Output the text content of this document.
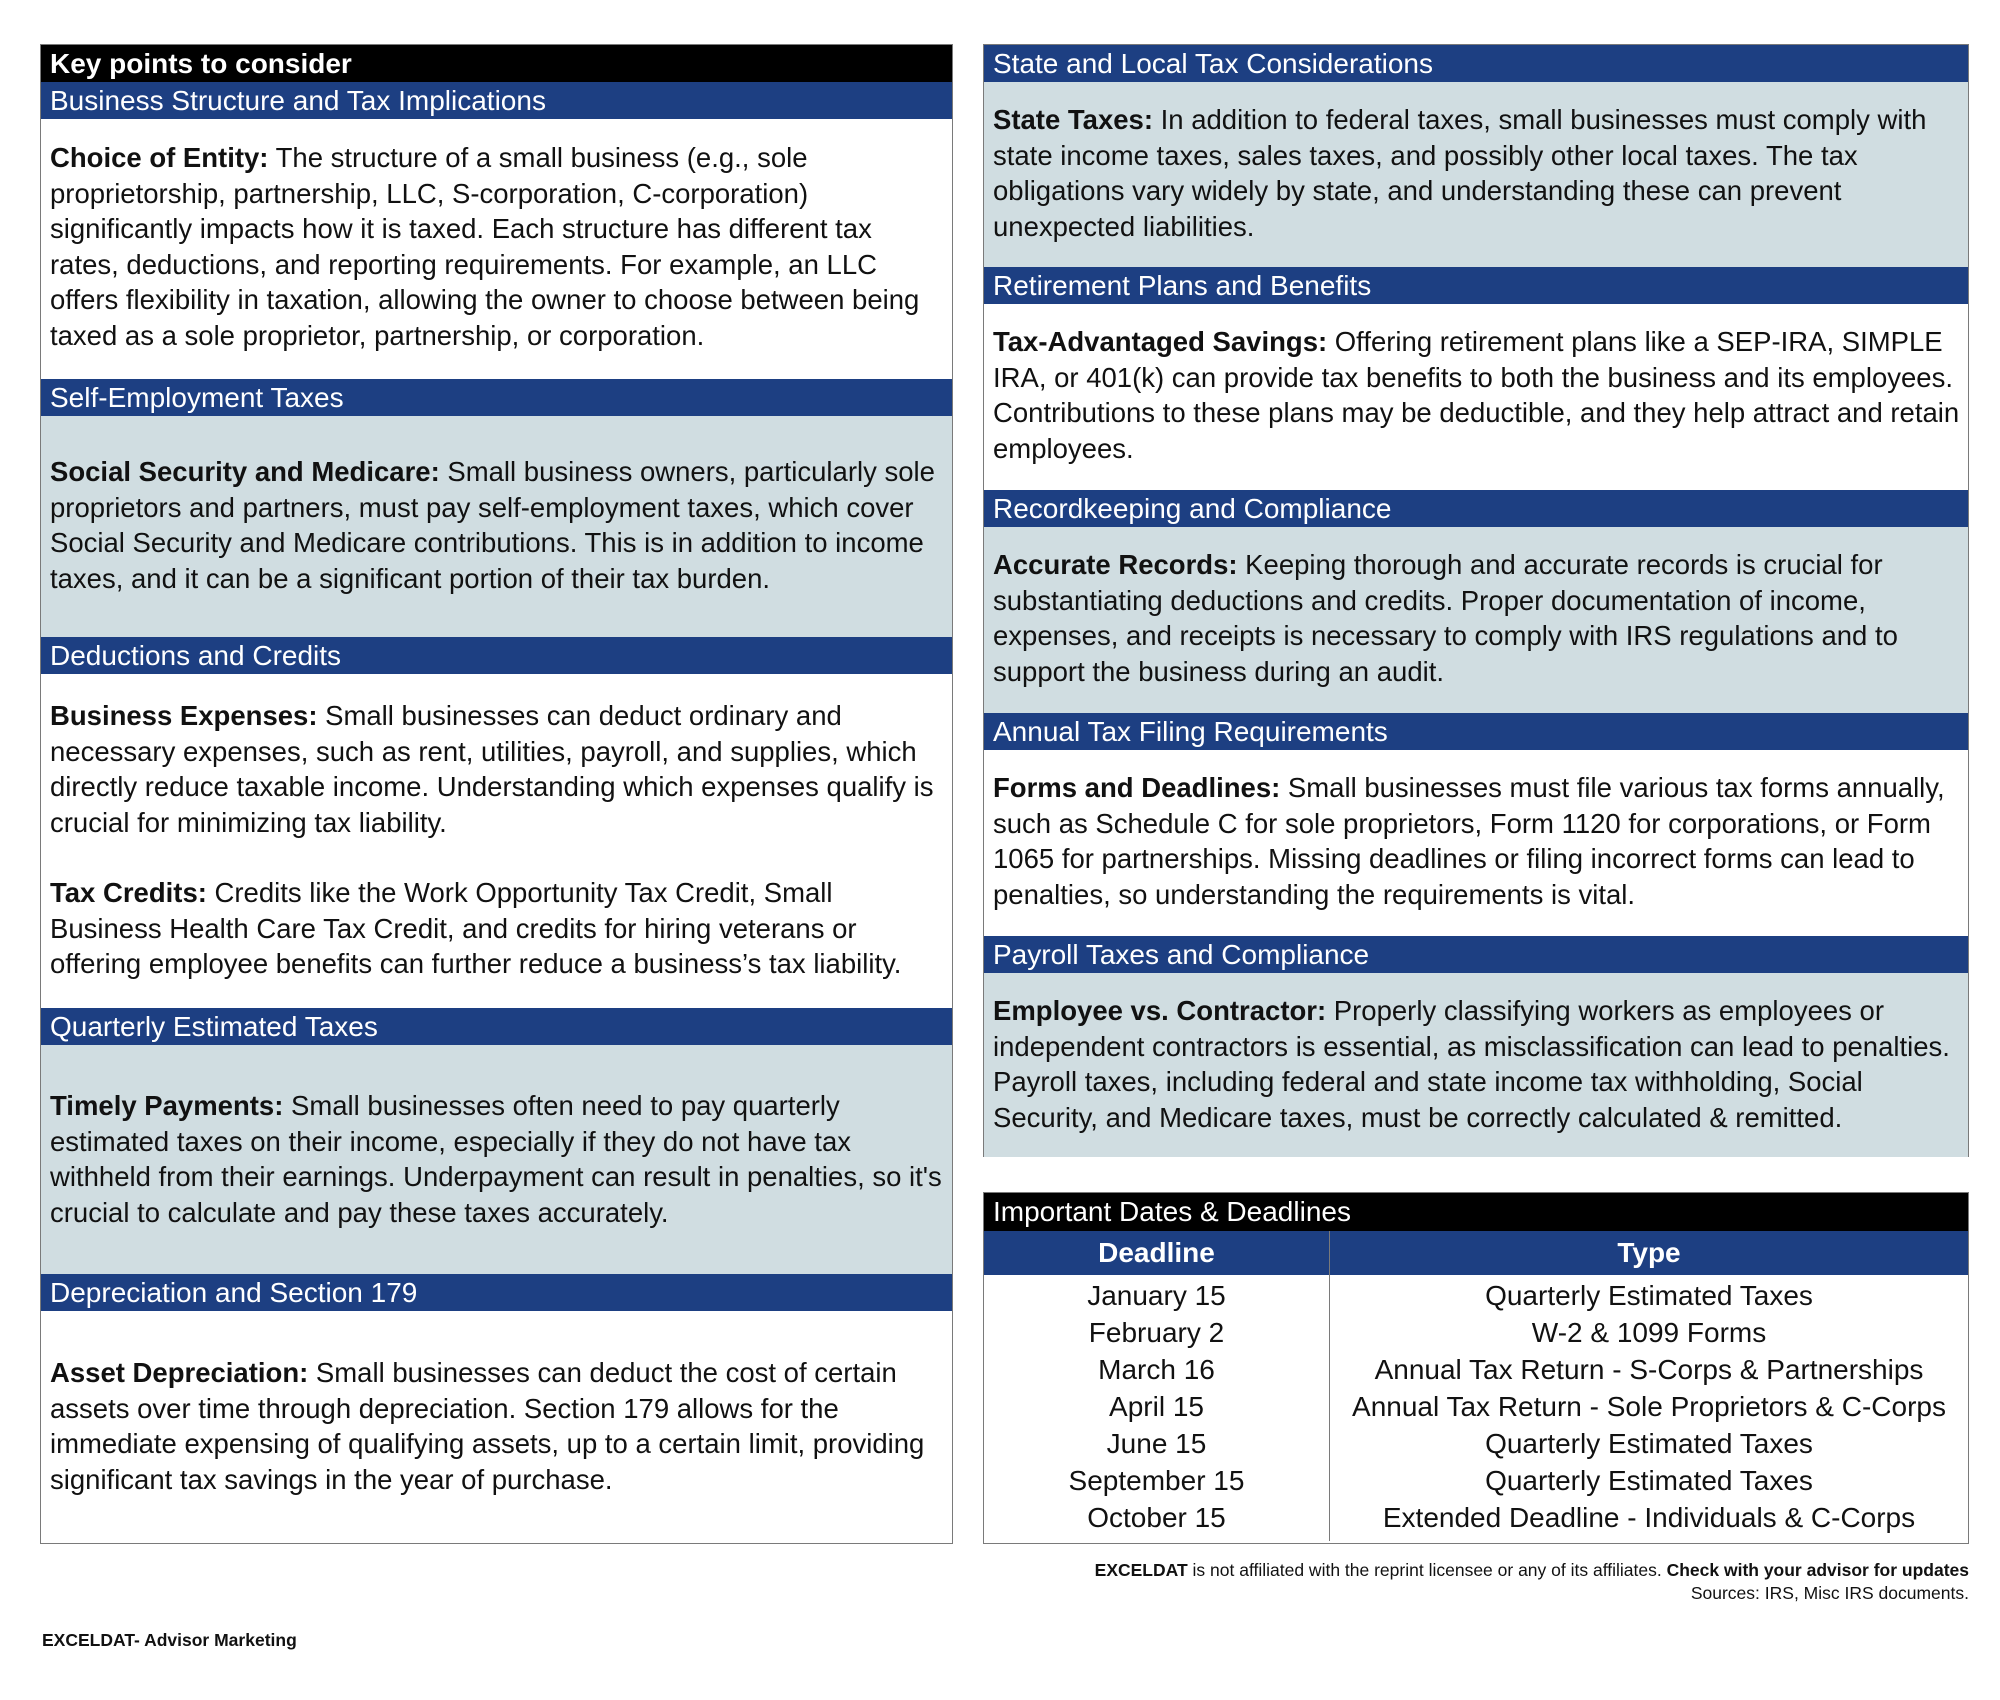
Key points to consider
Business Structure and Tax Implications

Choice of Entity: The structure of a small business (e.g., sole proprietorship, partnership, LLC, S-corporation, C-corporation) significantly impacts how it is taxed. Each structure has different tax rates, deductions, and reporting requirements. For example, an LLC offers flexibility in taxation, allowing the owner to choose between being taxed as a sole proprietor, partnership, or corporation.

Self-Employment Taxes

Social Security and Medicare: Small business owners, particularly sole proprietors and partners, must pay self-employment taxes, which cover Social Security and Medicare contributions. This is in addition to income taxes, and it can be a significant portion of their tax burden.

Deductions and Credits

Business Expenses: Small businesses can deduct ordinary and necessary expenses, such as rent, utilities, payroll, and supplies, which directly reduce taxable income. Understanding which expenses qualify is crucial for minimizing tax liability.

Tax Credits: Credits like the Work Opportunity Tax Credit, Small Business Health Care Tax Credit, and credits for hiring veterans or offering employee benefits can further reduce a business’s tax liability.

Quarterly Estimated Taxes

Timely Payments: Small businesses often need to pay quarterly estimated taxes on their income, especially if they do not have tax withheld from their earnings. Underpayment can result in penalties, so it's crucial to calculate and pay these taxes accurately.

Depreciation and Section 179

Asset Depreciation: Small businesses can deduct the cost of certain assets over time through depreciation. Section 179 allows for the immediate expensing of qualifying assets, up to a certain limit, providing significant tax savings in the year of purchase.

State and Local Tax Considerations

State Taxes: In addition to federal taxes, small businesses must comply with state income taxes, sales taxes, and possibly other local taxes. The tax obligations vary widely by state, and understanding these can prevent unexpected liabilities.

Retirement Plans and Benefits

Tax-Advantaged Savings: Offering retirement plans like a SEP-IRA, SIMPLE IRA, or 401(k) can provide tax benefits to both the business and its employees. Contributions to these plans may be deductible, and they help attract and retain employees.

Recordkeeping and Compliance

Accurate Records: Keeping thorough and accurate records is crucial for substantiating deductions and credits. Proper documentation of income, expenses, and receipts is necessary to comply with IRS regulations and to support the business during an audit.

Annual Tax Filing Requirements

Forms and Deadlines: Small businesses must file various tax forms annually, such as Schedule C for sole proprietors, Form 1120 for corporations, or Form 1065 for partnerships. Missing deadlines or filing incorrect forms can lead to penalties, so understanding the requirements is vital.

Payroll Taxes and Compliance

Employee vs. Contractor: Properly classifying workers as employees or independent contractors is essential, as misclassification can lead to penalties. Payroll taxes, including federal and state income tax withholding, Social Security, and Medicare taxes, must be correctly calculated & remitted.

Important Dates & Deadlines
Deadline	Type
January 15
February 2
March 16
April 15
June 15
September 15
October 15
Quarterly Estimated Taxes
W-2 & 1099 Forms
Annual Tax Return - S-Corps & Partnerships
Annual Tax Return - Sole Proprietors & C-Corps
Quarterly Estimated Taxes
Quarterly Estimated Taxes
Extended Deadline - Individuals & C-Corps
EXCELDAT is not affiliated with the reprint licensee or any of its affiliates. Check with your advisor for updates
Sources: IRS, Misc IRS documents.
EXCELDAT- Advisor Marketing
